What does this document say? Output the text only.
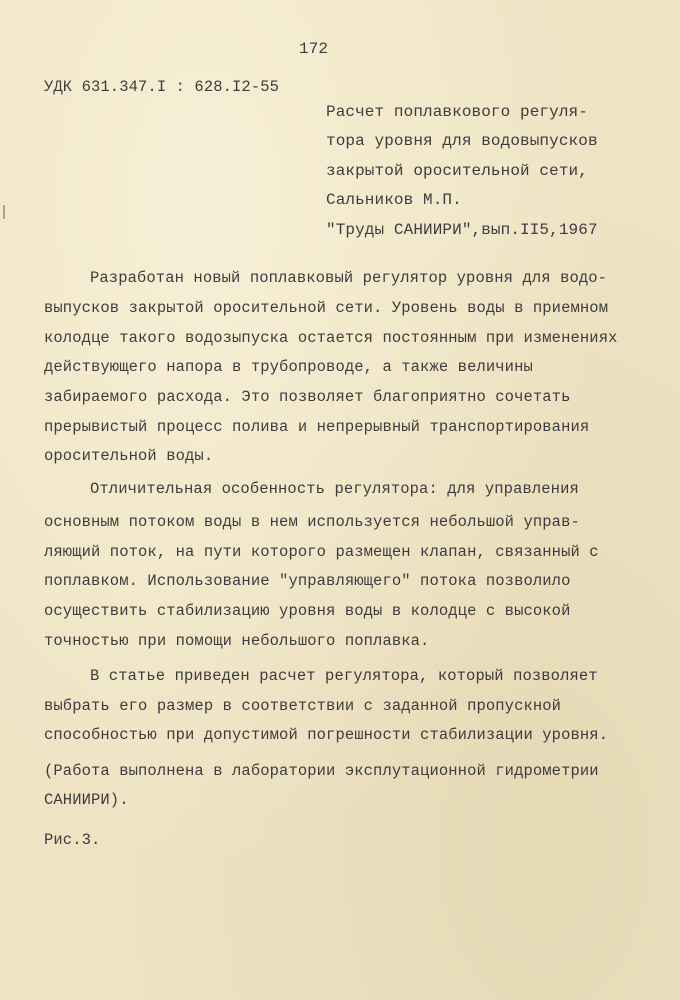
172
УДК 631.347.I : 628.I2-55
Расчет поплавкового регуля-
тора уровня для водовыпусков
закрытой оросительной сети,
Сальников М.П.
"Труды САНИИРИ",вып.II5,1967
Разработан новый поплавковый регулятор уровня для водо-
выпусков закрытой оросительной сети. Уровень воды в приемном
колодце такого водозыпуска остается постоянным при изменениях
действующего напора в трубопроводе, а также величины
забираемого расхода. Это позволяет благоприятно сочетать
прерывистый процесс полива и непрерывный транспортирования
оросительной воды.
Отличительная особенность регулятора: для управления
основным потоком воды в нем используется небольшой управ-
ляющий поток, на пути которого размещен клапан, связанный с
поплавком. Использование "управляющего" потока позволило
осуществить стабилизацию уровня воды в колодце с высокой
точностью при помощи небольшого поплавка.
В статье приведен расчет регулятора, который позволяет
выбрать его размер в соответствии с заданной пропускной
способностью при допустимой погрешности стабилизации уровня.
(Работа выполнена в лаборатории эксплутационной гидрометрии
САНИИРИ).
Рис.3.
